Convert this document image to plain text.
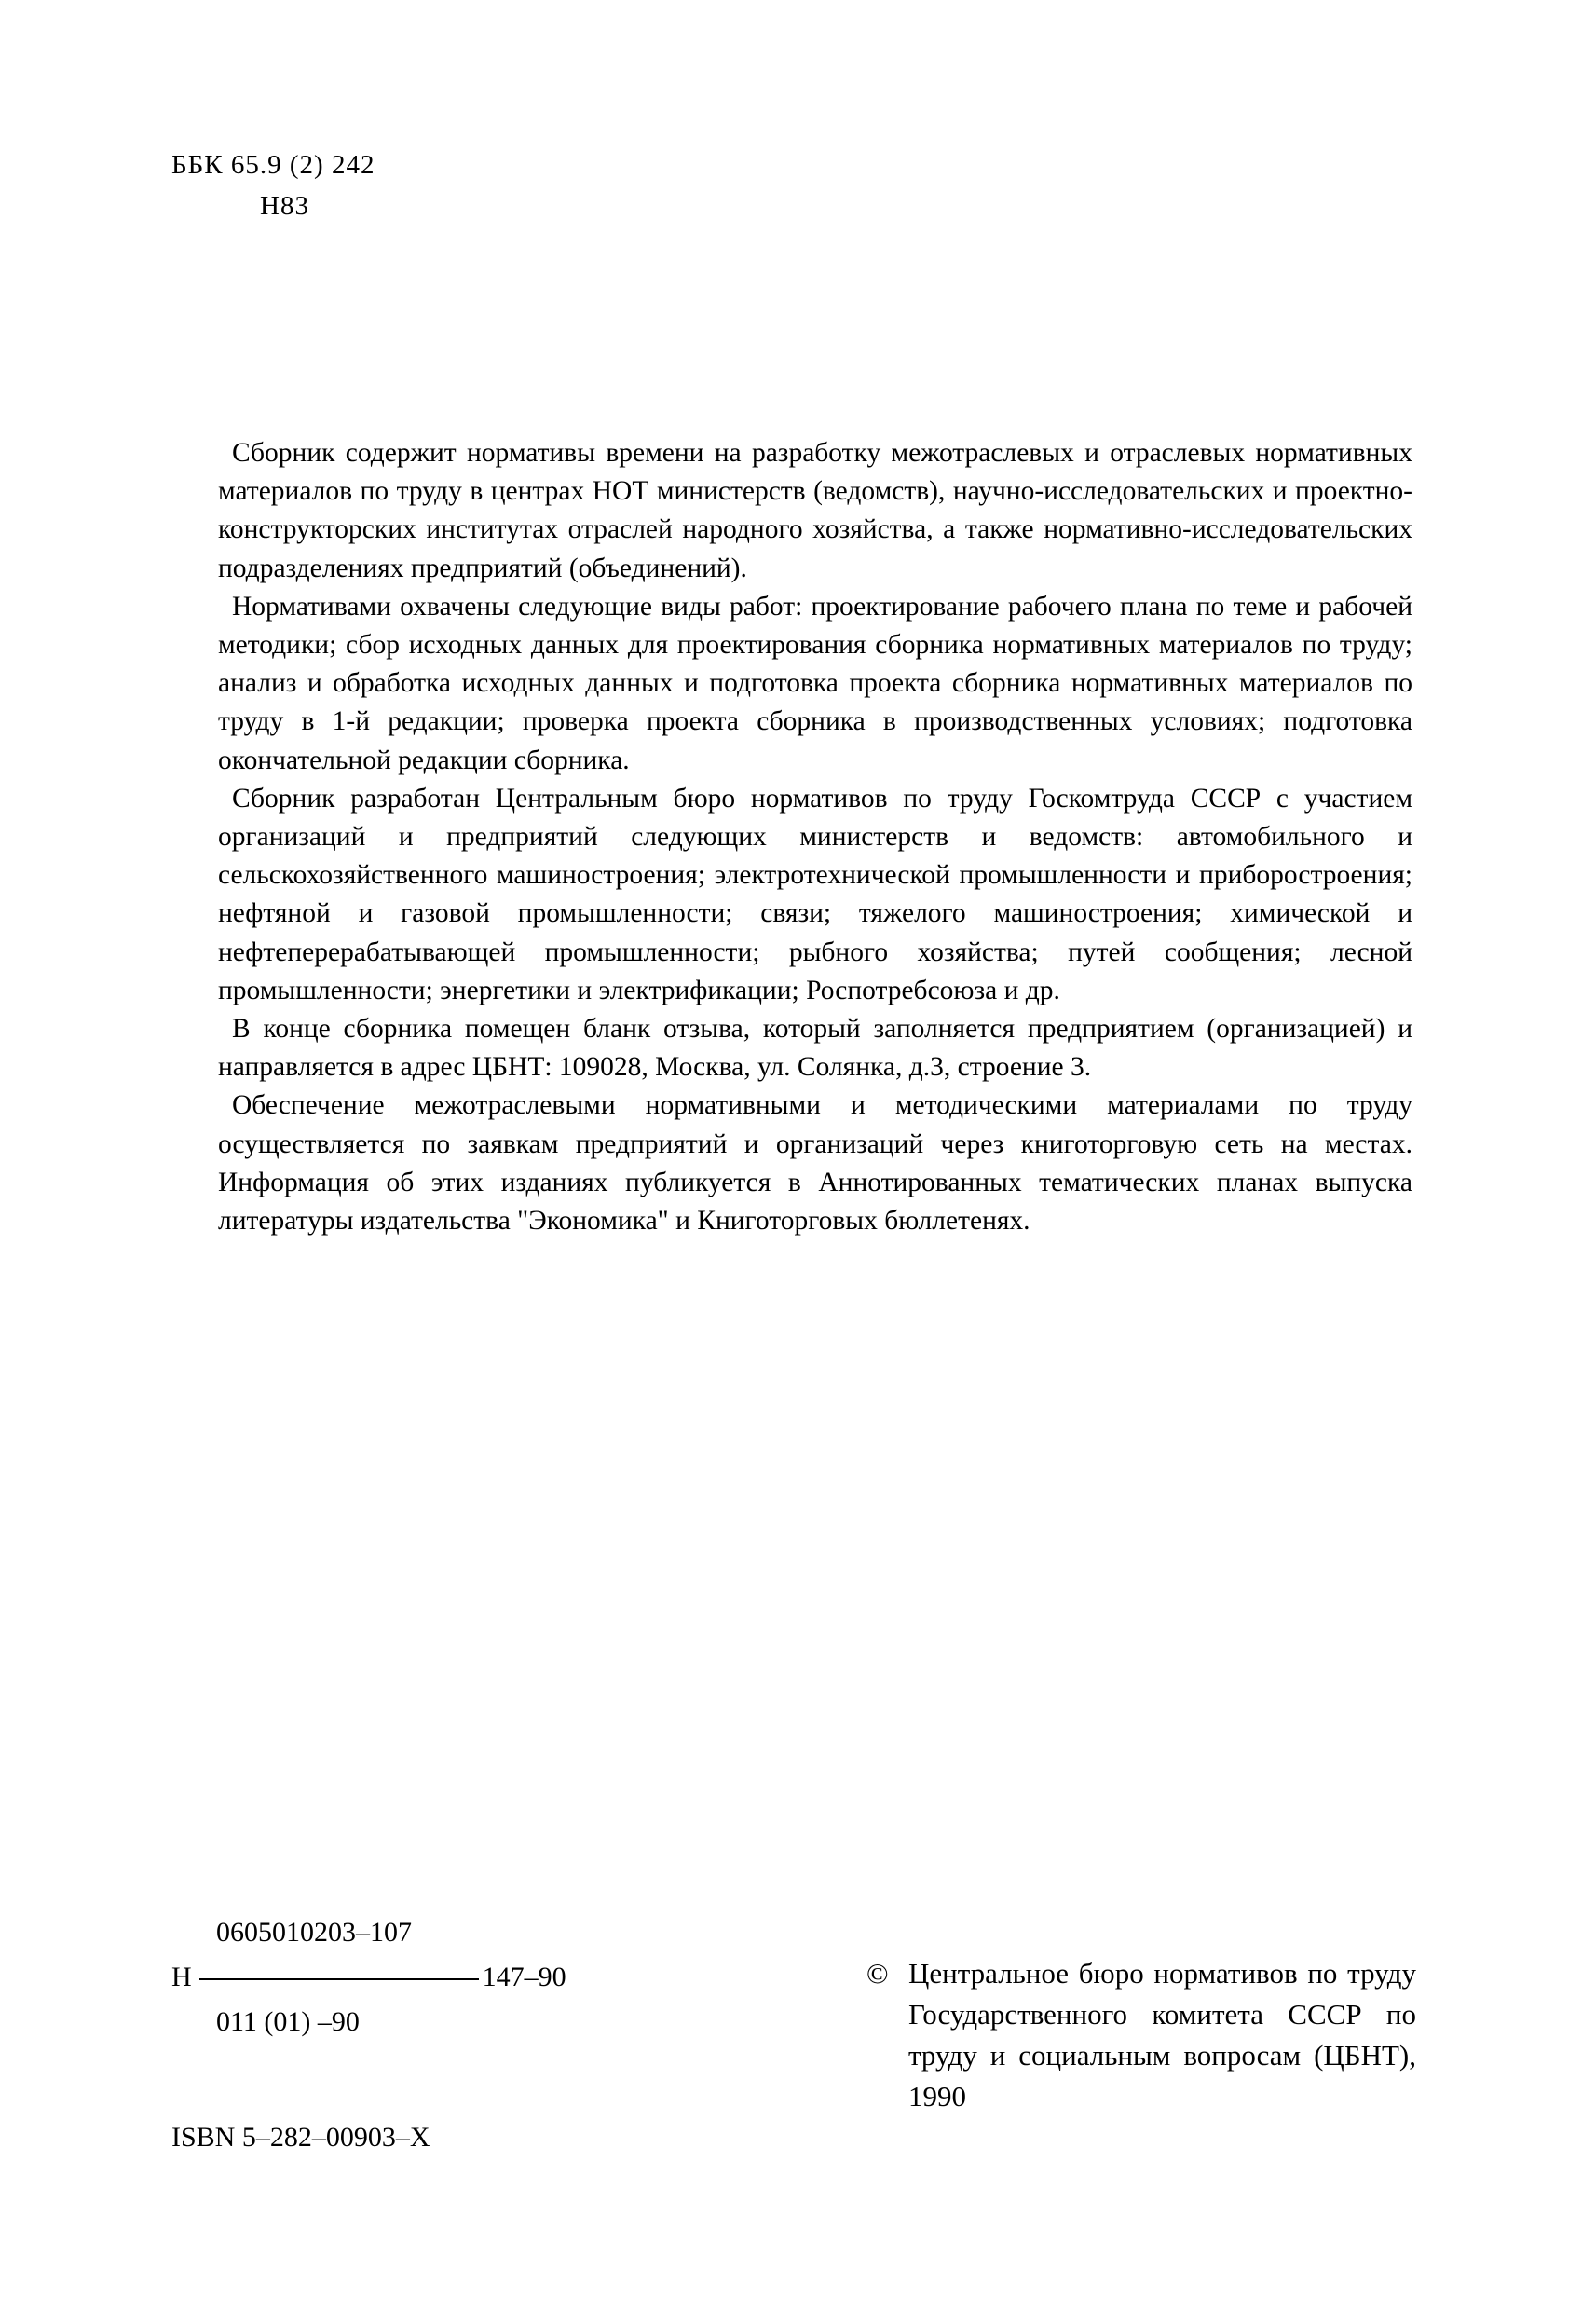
ББК 65.9 (2) 242
Н83

Сборник содержит нормативы времени на разработку межотраслевых и отраслевых нормативных материалов по труду в центрах НОТ министерств (ведомств), научно-исследовательских и проектно-конструкторских институтах отраслей народного хозяйства, а также нормативно-исследовательских подразделениях предприятий (объединений).

Нормативами охвачены следующие виды работ: проектирование рабочего плана по теме и рабочей методики; сбор исходных данных для проектирования сборника нормативных материалов по труду; анализ и обработка исходных данных и подготовка проекта сборника нормативных материалов по труду в 1-й редакции; проверка проекта сборника в производственных условиях; подготовка окончательной редакции сборника.

Сборник разработан Центральным бюро нормативов по труду Госкомтруда СССР с участием организаций и предприятий следующих министерств и ведомств: автомобильного и сельскохозяйственного машиностроения; электротехнической промышленности и приборостроения; нефтяной и газовой промышленности; связи; тяжелого машиностроения; химической и нефтеперерабатывающей промышленности; рыбного хозяйства; путей сообщения; лесной промышленности; энергетики и электрификации; Роспотребсоюза и др.

В конце сборника помещен бланк отзыва, который заполняется предприятием (организацией) и направляется в адрес ЦБНТ: 109028, Москва, ул. Солянка, д.3, строение 3.

Обеспечение межотраслевыми нормативными и методическими материалами по труду осуществляется по заявкам предприятий и организаций через книготорговую сеть на местах. Информация об этих изданиях публикуется в Аннотированных тематических планах выпуска литературы издательства "Экономика" и Книготорговых бюллетенях.

0605010203–107
Н	147–90
011 (01) –90
ISBN 5–282–00903–X
© Центральное бюро нормативов по труду Государственного комитета СССР по труду и социальным вопросам (ЦБНТ), 1990
